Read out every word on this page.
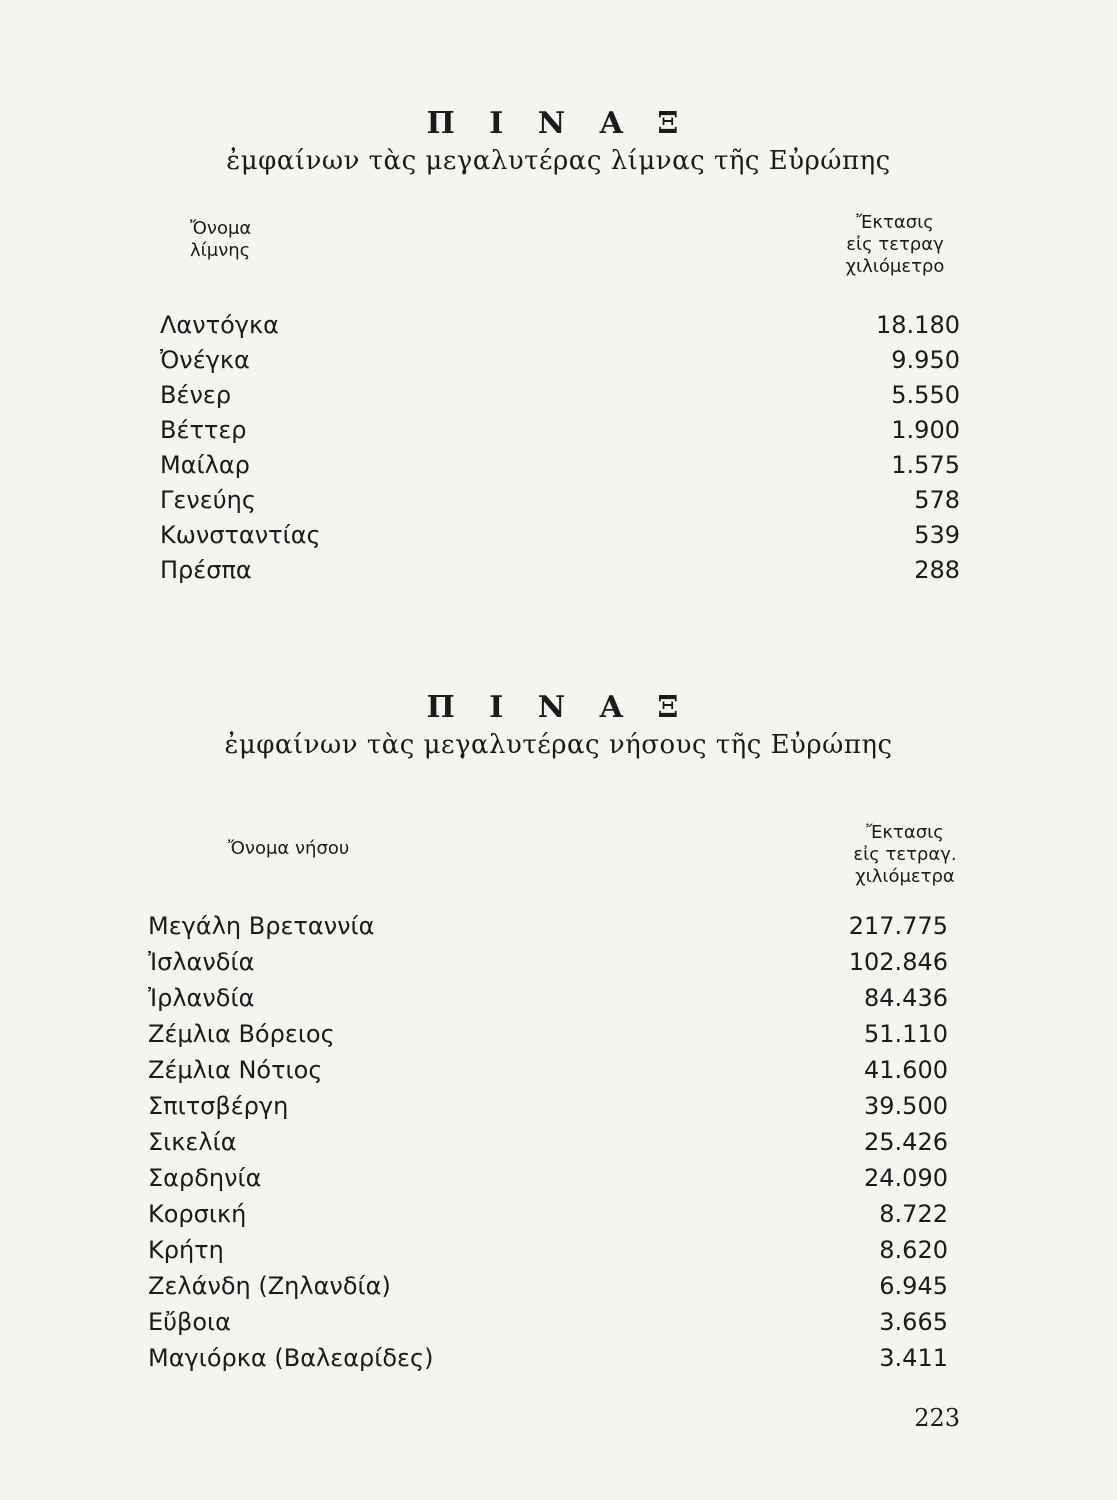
Π Ι Ν Α Ξ
ἐμφαίνων τὰς μεγαλυτέρας λίμνας τῆς Εὐρώπης
Ὄνομα
λίμνης
Ἔκτασις
εἰς τετραγ
χιλιόμετρο
Λαντόγκα	18.180
Ὀνέγκα	9.950
Βένερ	5.550
Βέττερ	1.900
Μαίλαρ	1.575
Γενεύης	578
Κωνσταντίας	539
Πρέσπα	288
Π Ι Ν Α Ξ
ἐμφαίνων τὰς μεγαλυτέρας νήσους τῆς Εὐρώπης
Ὄνομα νήσου
Ἔκτασις
εἰς τετραγ.
χιλιόμετρα
Μεγάλη Βρεταννία	217.775
Ἰσλανδία	102.846
Ἰρλανδία	84.436
Ζέμλια Βόρειος	51.110
Ζέμλια Νότιος	41.600
Σπιτσβέργη	39.500
Σικελία	25.426
Σαρδηνία	24.090
Κορσική	8.722
Κρήτη	8.620
Ζελάνδη (Ζηλανδία)	6.945
Εὔβοια	3.665
Μαγιόρκα (Βαλεαρίδες)	3.411
223
